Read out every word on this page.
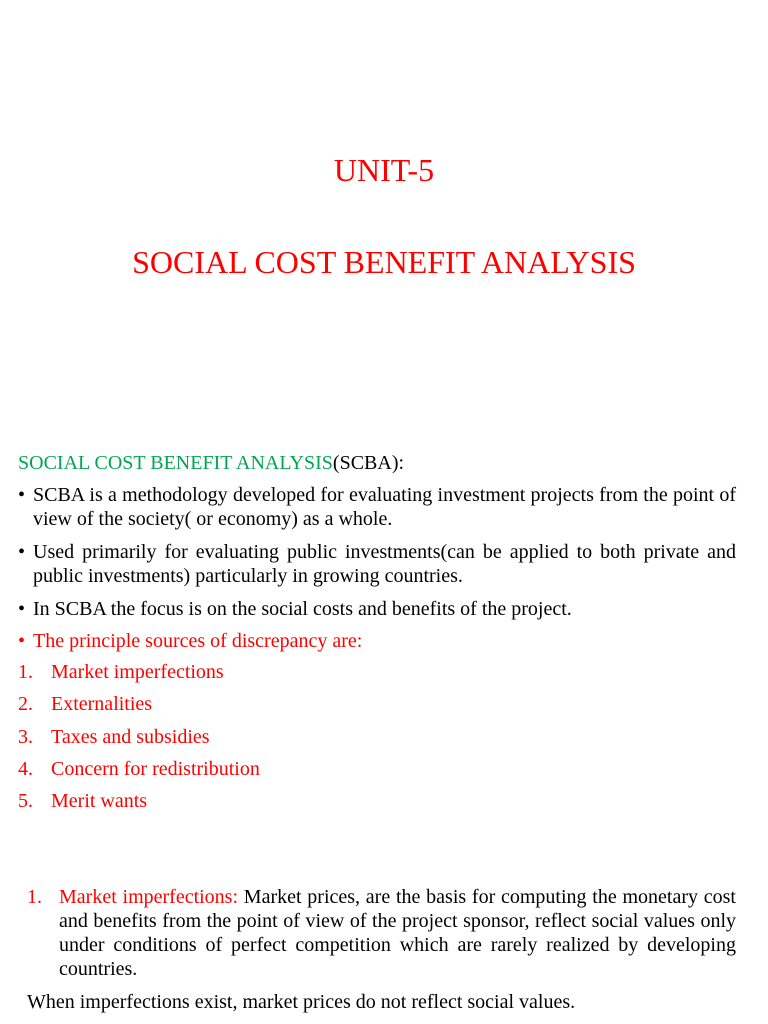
UNIT-5
SOCIAL COST BENEFIT ANALYSIS
SOCIAL COST BENEFIT ANALYSIS(SCBA):
• SCBA is a methodology developed for evaluating investment projects from the point of view of the society( or economy) as a whole.
• Used primarily for evaluating public investments(can be applied to both private and public investments) particularly in growing countries.
• In SCBA the focus is on the social costs and benefits of the project.
• The principle sources of discrepancy are:
1. Market imperfections
2. Externalities
3. Taxes and subsidies
4. Concern for redistribution
5. Merit wants
1. Market imperfections: Market prices, are the basis for computing the monetary cost and benefits from the point of view of the project sponsor, reflect social values only under conditions of perfect competition which are rarely realized by developing countries.
When imperfections exist, market prices do not reflect social values.
